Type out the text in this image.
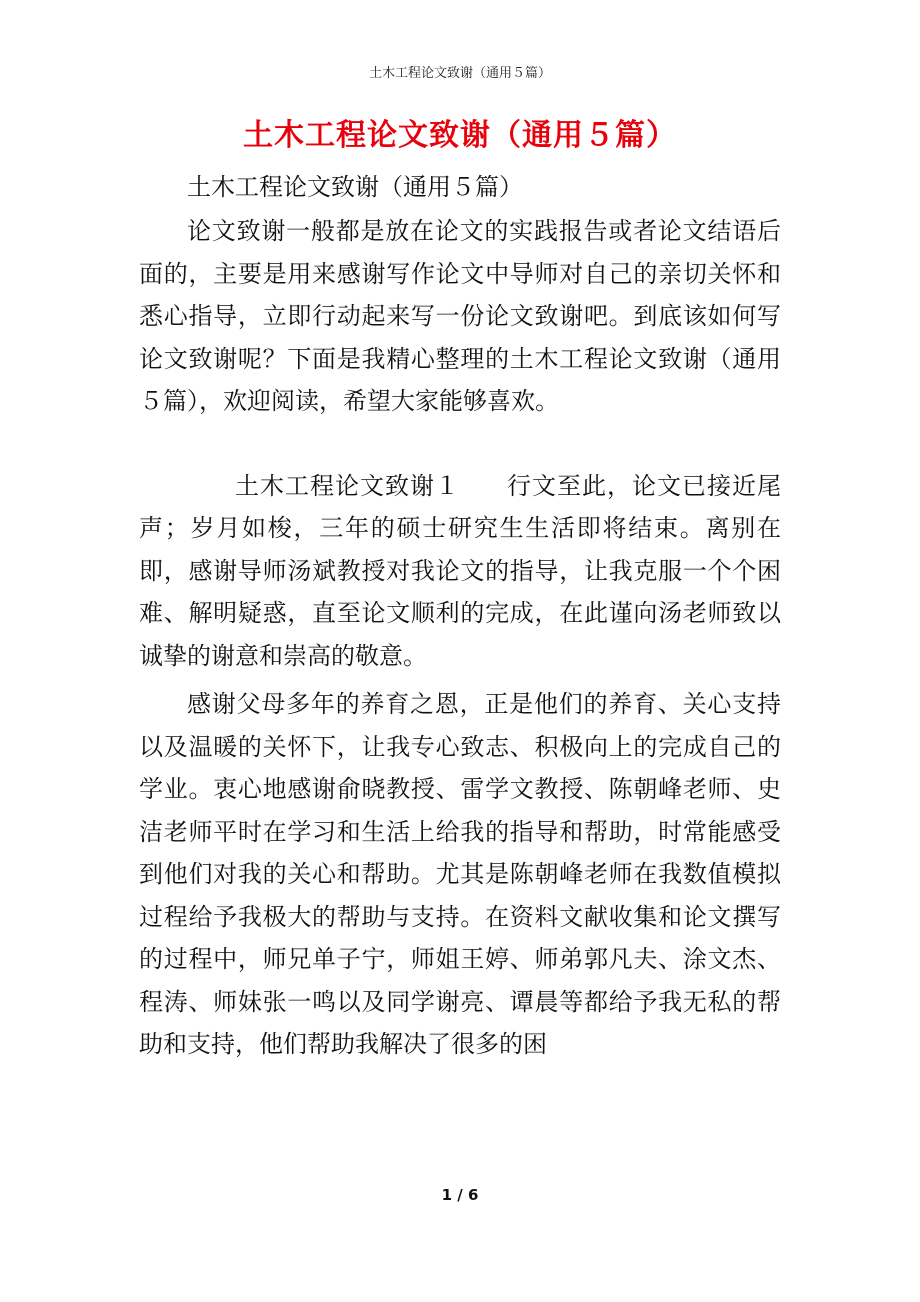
土木工程论文致谢（通用５篇）
土木工程论文致谢（通用５篇）
土木工程论文致谢（通用５篇）

论文致谢一般都是放在论文的实践报告或者论文结语后面的，主要是用来感谢写作论文中导师对自己的亲切关怀和悉心指导，立即行动起来写一份论文致谢吧。到底该如何写论文致谢呢？下面是我精心整理的土木工程论文致谢（通用５篇），欢迎阅读，希望大家能够喜欢。

土木工程论文致谢１ 行文至此，论文已接近尾声；岁月如梭，三年的硕士研究生生活即将结束。离别在即，感谢导师汤斌教授对我论文的指导，让我克服一个个困难、解明疑惑，直至论文顺利的完成，在此谨向汤老师致以诚挚的谢意和崇高的敬意。

感谢父母多年的养育之恩，正是他们的养育、关心支持以及温暖的关怀下，让我专心致志、积极向上的完成自己的学业。衷心地感谢俞晓教授、雷学文教授、陈朝峰老师、史洁老师平时在学习和生活上给我的指导和帮助，时常能感受到他们对我的关心和帮助。尤其是陈朝峰老师在我数值模拟过程给予我极大的帮助与支持。在资料文献收集和论文撰写的过程中，师兄单子宁，师姐王婷、师弟郭凡夫、涂文杰、程涛、师妹张一鸣以及同学谢亮、谭晨等都给予我无私的帮助和支持，他们帮助我解决了很多的困

1 / 6
